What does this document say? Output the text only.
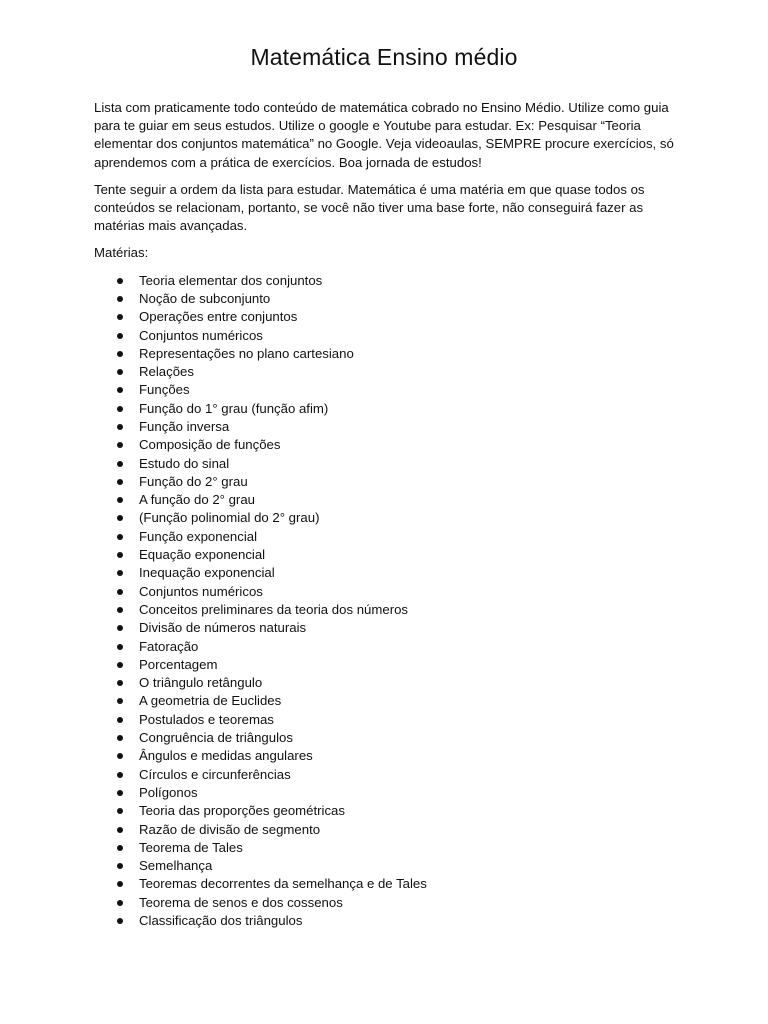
Matemática Ensino médio

Lista com praticamente todo conteúdo de matemática cobrado no Ensino Médio. Utilize como guia para te guiar em seus estudos. Utilize o google e Youtube para estudar. Ex: Pesquisar “Teoria elementar dos conjuntos matemática” no Google. Veja videoaulas, SEMPRE procure exercícios, só aprendemos com a prática de exercícios. Boa jornada de estudos!

Tente seguir a ordem da lista para estudar. Matemática é uma matéria em que quase todos os conteúdos se relacionam, portanto, se você não tiver uma base forte, não conseguirá fazer as matérias mais avançadas.

Matérias:
Teoria elementar dos conjuntos
Noção de subconjunto
Operações entre conjuntos
Conjuntos numéricos
Representações no plano cartesiano
Relações
Funções
Função do 1° grau (função afim)
Função inversa
Composição de funções
Estudo do sinal
Função do 2° grau
A função do 2° grau
(Função polinomial do 2° grau)
Função exponencial
Equação exponencial
Inequação exponencial
Conjuntos numéricos
Conceitos preliminares da teoria dos números
Divisão de números naturais
Fatoração
Porcentagem
O triângulo retângulo
A geometria de Euclides
Postulados e teoremas
Congruência de triângulos
Ângulos e medidas angulares
Círculos e circunferências
Polígonos
Teoria das proporções geométricas
Razão de divisão de segmento
Teorema de Tales
Semelhança
Teoremas decorrentes da semelhança e de Tales
Teorema de senos e dos cossenos
Classificação dos triângulos
